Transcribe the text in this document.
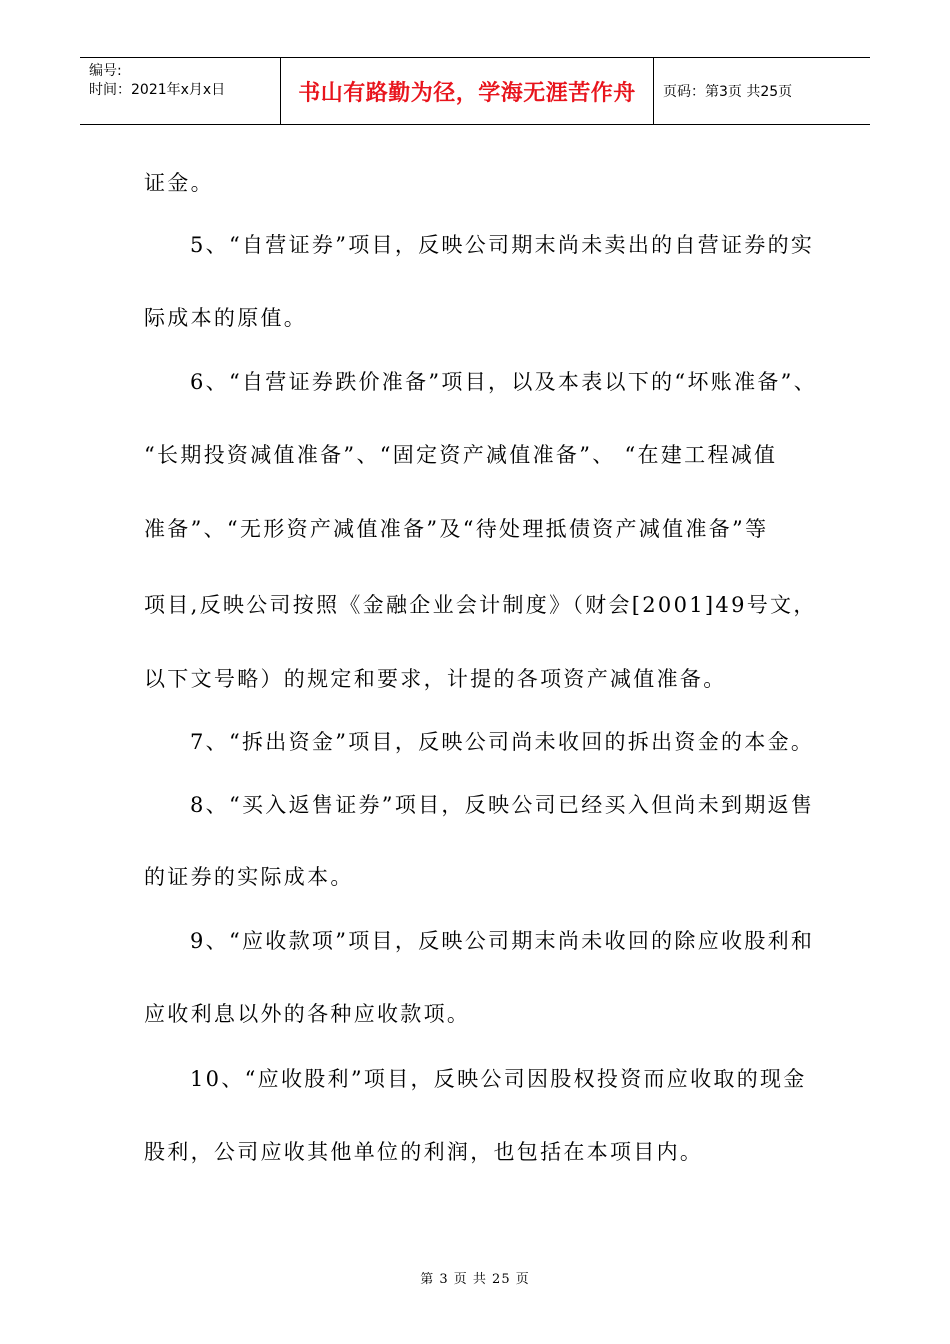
编号:
时间：2021年x月x日	书山有路勤为径，学海无涯苦作舟	页码：第3页 共25页
证金。
5、“自营证券”项目，反映公司期末尚未卖出的自营证券的实
际成本的原值。
6、“自营证券跌价准备”项目，以及本表以下的“坏账准备”、
“长期投资减值准备”、“固定资产减值准备”、 “在建工程减值
准备”、“无形资产减值准备”及“待处理抵债资产减值准备”等
项目,反映公司按照《金融企业会计制度》（财会[2001]49号文，
以下文号略）的规定和要求，计提的各项资产减值准备。
7、“拆出资金”项目，反映公司尚未收回的拆出资金的本金。
8、“买入返售证券”项目，反映公司已经买入但尚未到期返售
的证券的实际成本。
9、“应收款项”项目，反映公司期末尚未收回的除应收股利和
应收利息以外的各种应收款项。
10、“应收股利”项目，反映公司因股权投资而应收取的现金
股利，公司应收其他单位的利润，也包括在本项目内。
第 3 页 共 25 页
